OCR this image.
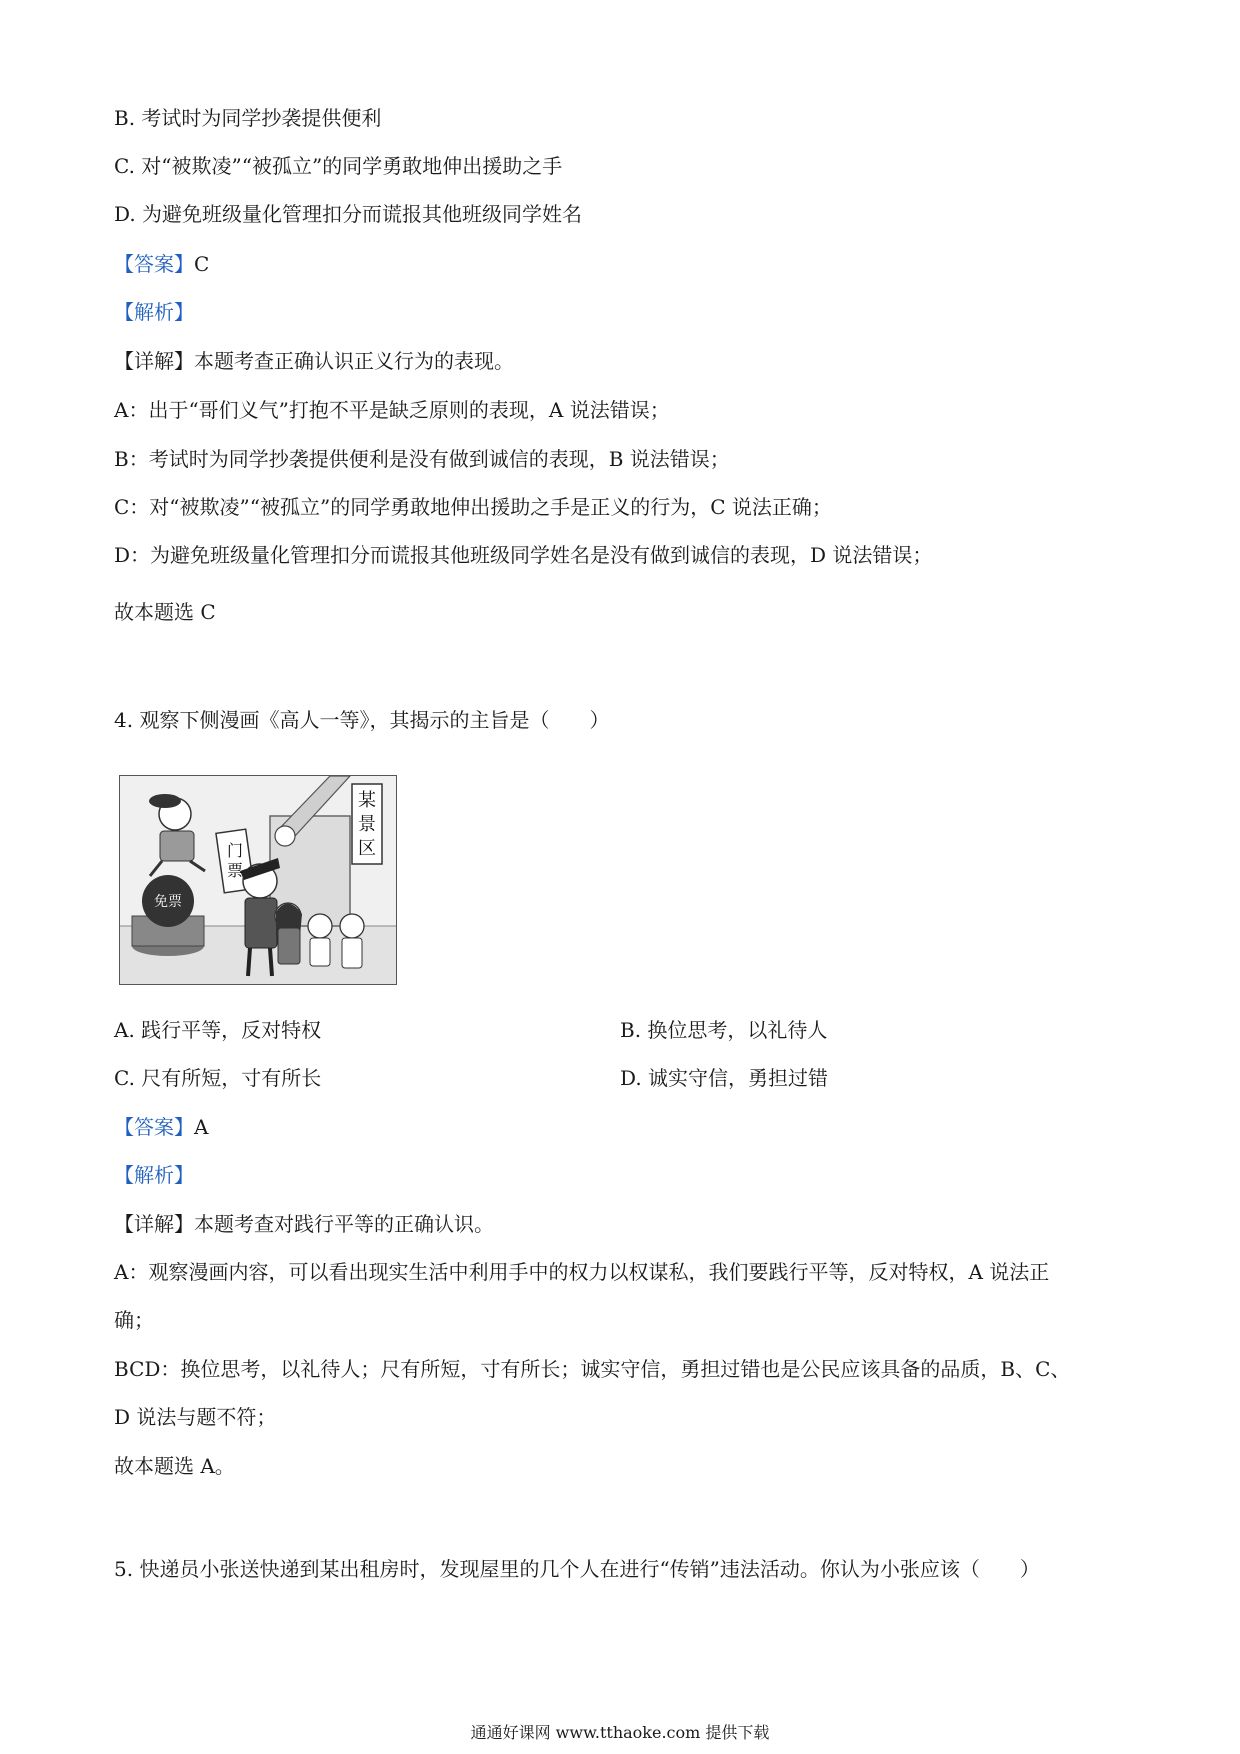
B. 考试时为同学抄袭提供便利
C. 对“被欺凌”“被孤立”的同学勇敢地伸出援助之手
D. 为避免班级量化管理扣分而谎报其他班级同学姓名
【答案】C
【解析】
【详解】本题考查正确认识正义行为的表现。
A：出于“哥们义气”打抱不平是缺乏原则的表现，A 说法错误；
B：考试时为同学抄袭提供便利是没有做到诚信的表现，B 说法错误；
C：对“被欺凌”“被孤立”的同学勇敢地伸出援助之手是正义的行为，C 说法正确；
D：为避免班级量化管理扣分而谎报其他班级同学姓名是没有做到诚信的表现，D 说法错误；
故本题选 C
4. 观察下侧漫画《高人一等》，其揭示的主旨是（　　）
某
景
区
门
票
免票
A. 践行平等，反对特权	B. 换位思考，以礼待人
C. 尺有所短，寸有所长	D. 诚实守信，勇担过错
【答案】A
【解析】
【详解】本题考查对践行平等的正确认识。
A：观察漫画内容，可以看出现实生活中利用手中的权力以权谋私，我们要践行平等，反对特权，A 说法正
确；
BCD：换位思考，以礼待人；尺有所短，寸有所长；诚实守信，勇担过错也是公民应该具备的品质，B、C、
D 说法与题不符；
故本题选 A。
5. 快递员小张送快递到某出租房时，发现屋里的几个人在进行“传销”违法活动。你认为小张应该（　　）
通通好课网 www.tthaoke.com 提供下载
